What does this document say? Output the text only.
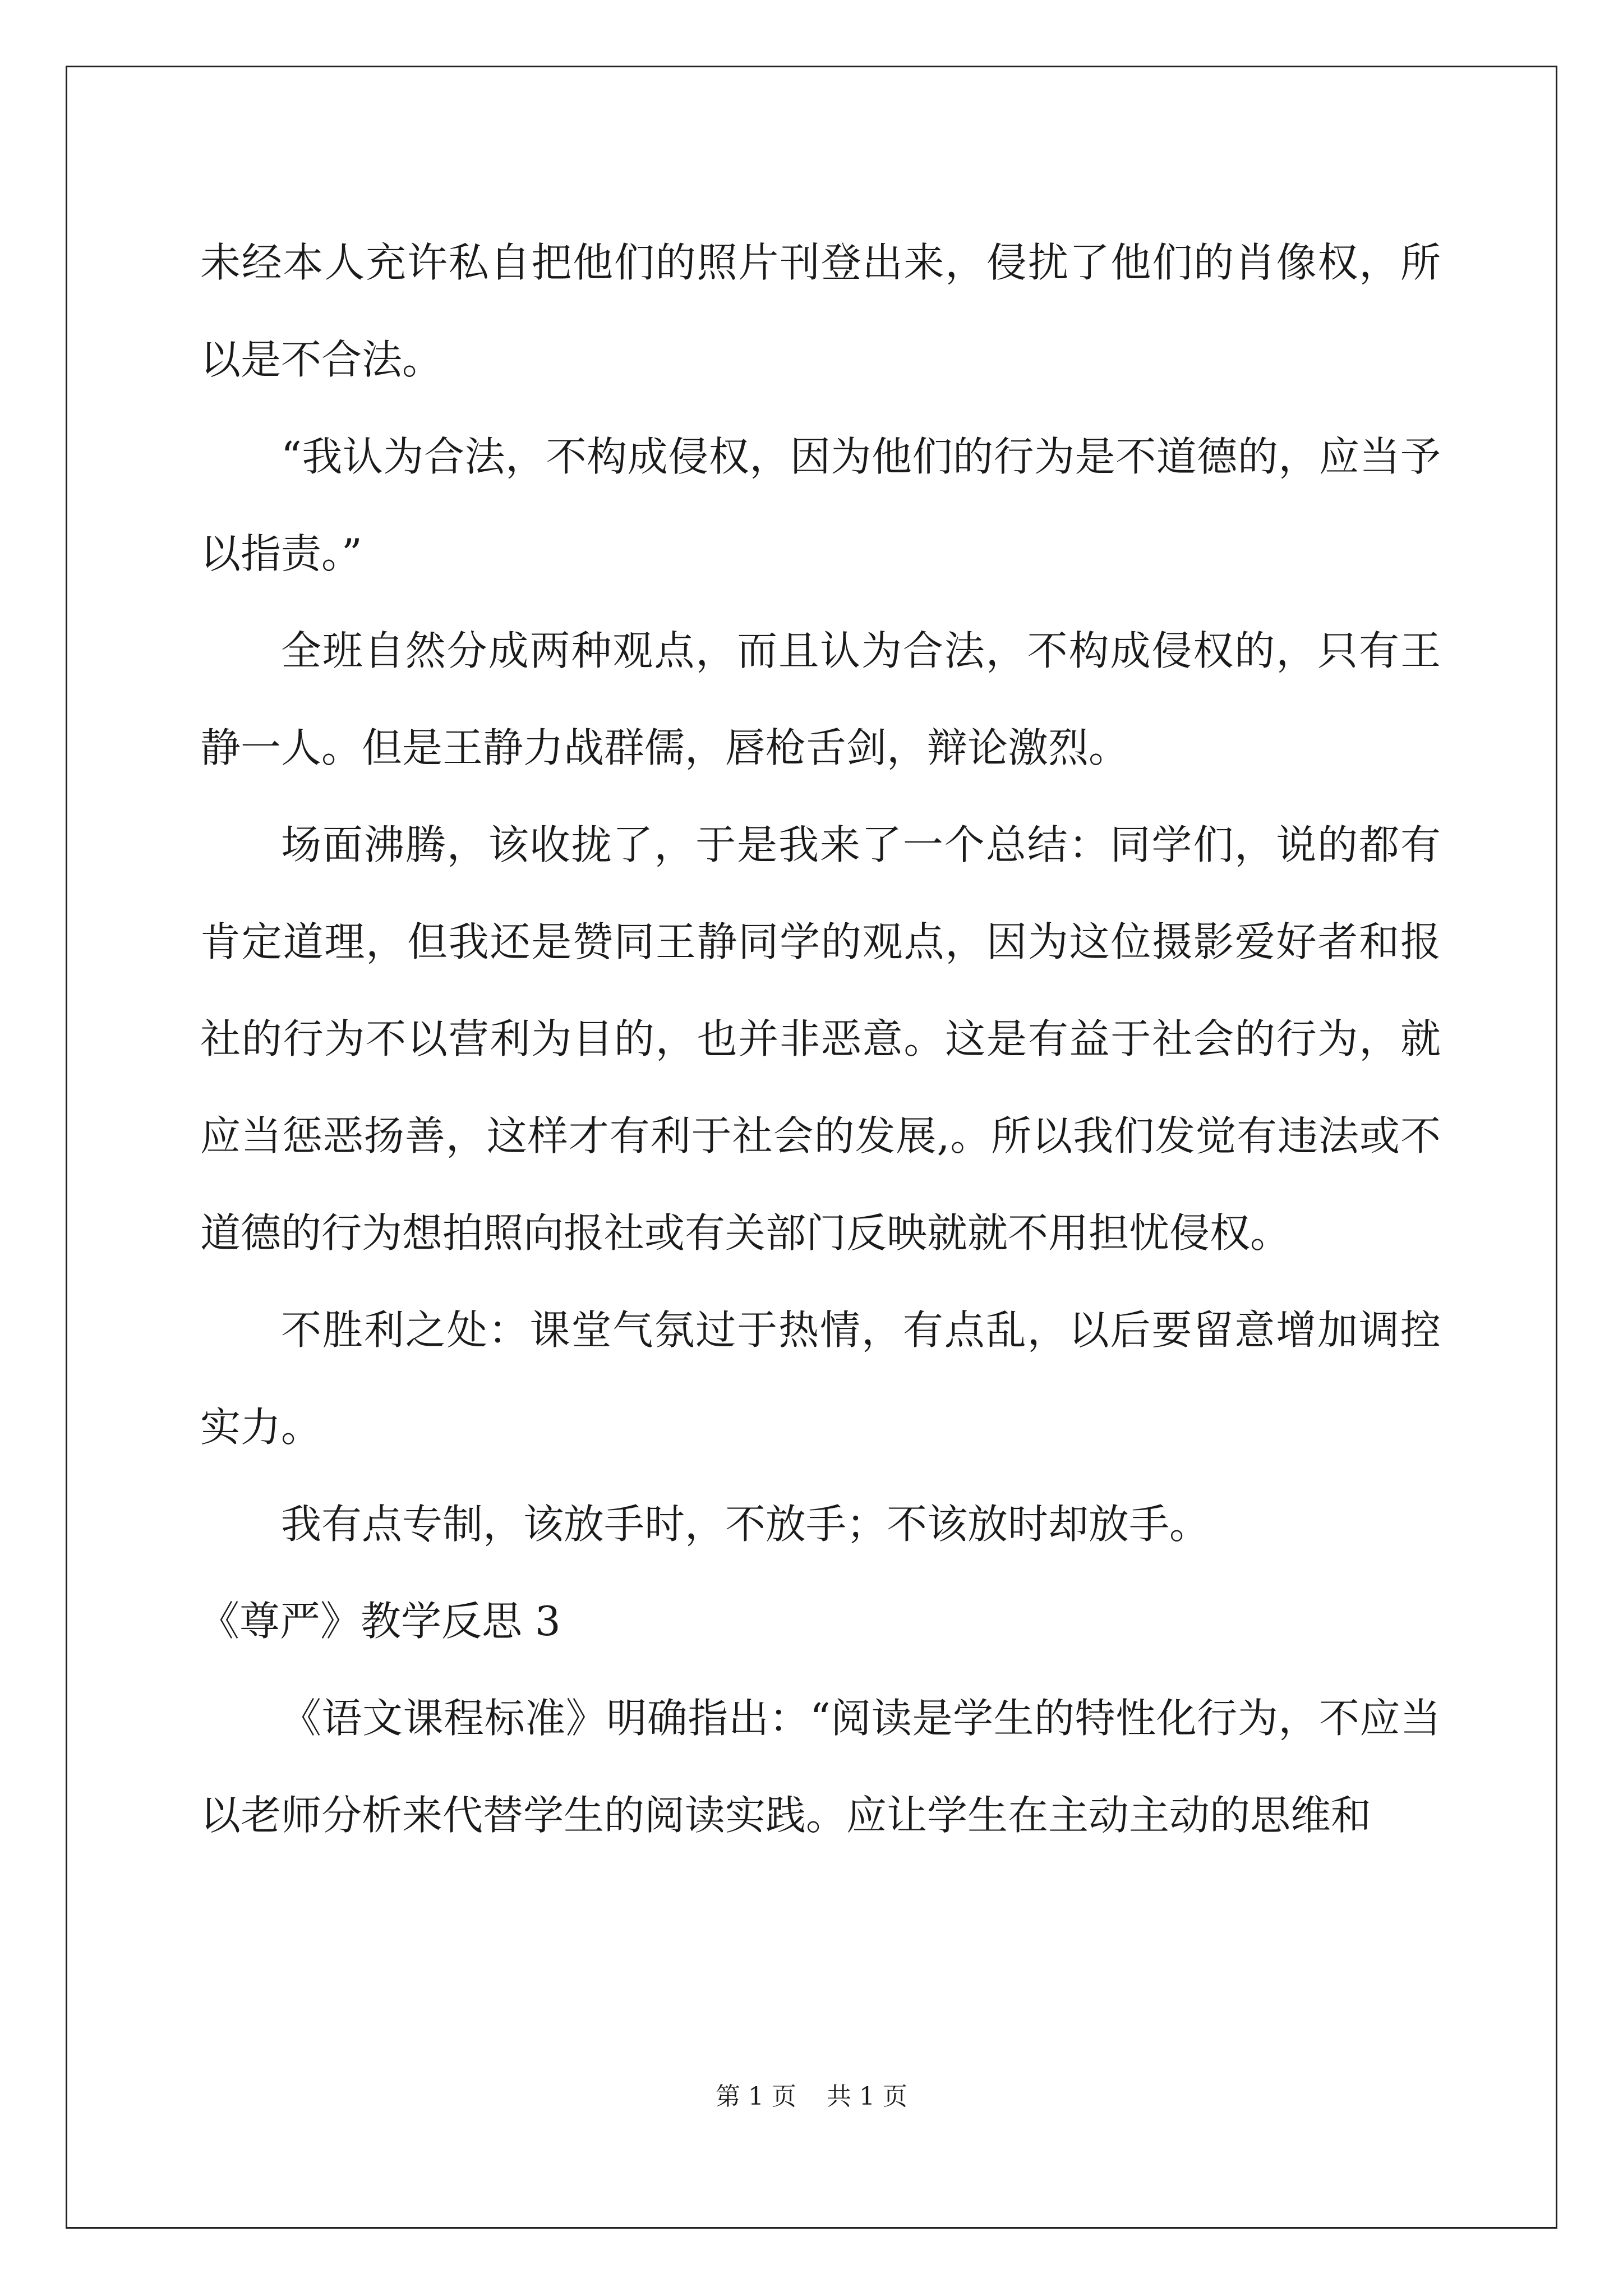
未经本人充许私自把他们的照片刊登出来，侵扰了他们的肖像权，所以是不合法。

“我认为合法，不构成侵权，因为他们的行为是不道德的，应当予以指责。”

全班自然分成两种观点，而且认为合法，不构成侵权的，只有王静一人。但是王静力战群儒，唇枪舌剑，辩论激烈。

场面沸腾，该收拢了，于是我来了一个总结：同学们，说的都有肯定道理，但我还是赞同王静同学的观点，因为这位摄影爱好者和报社的行为不以营利为目的，也并非恶意。这是有益于社会的行为，就应当惩恶扬善，这样才有利于社会的发展,。所以我们发觉有违法或不道德的行为想拍照向报社或有关部门反映就就不用担忧侵权。

不胜利之处：课堂气氛过于热情，有点乱，以后要留意增加调控实力。

我有点专制，该放手时，不放手；不该放时却放手。

《尊严》教学反思 3

《语文课程标准》明确指出：“阅读是学生的特性化行为，不应当以老师分析来代替学生的阅读实践。应让学生在主动主动的思维和

第 1 页 共 1 页
